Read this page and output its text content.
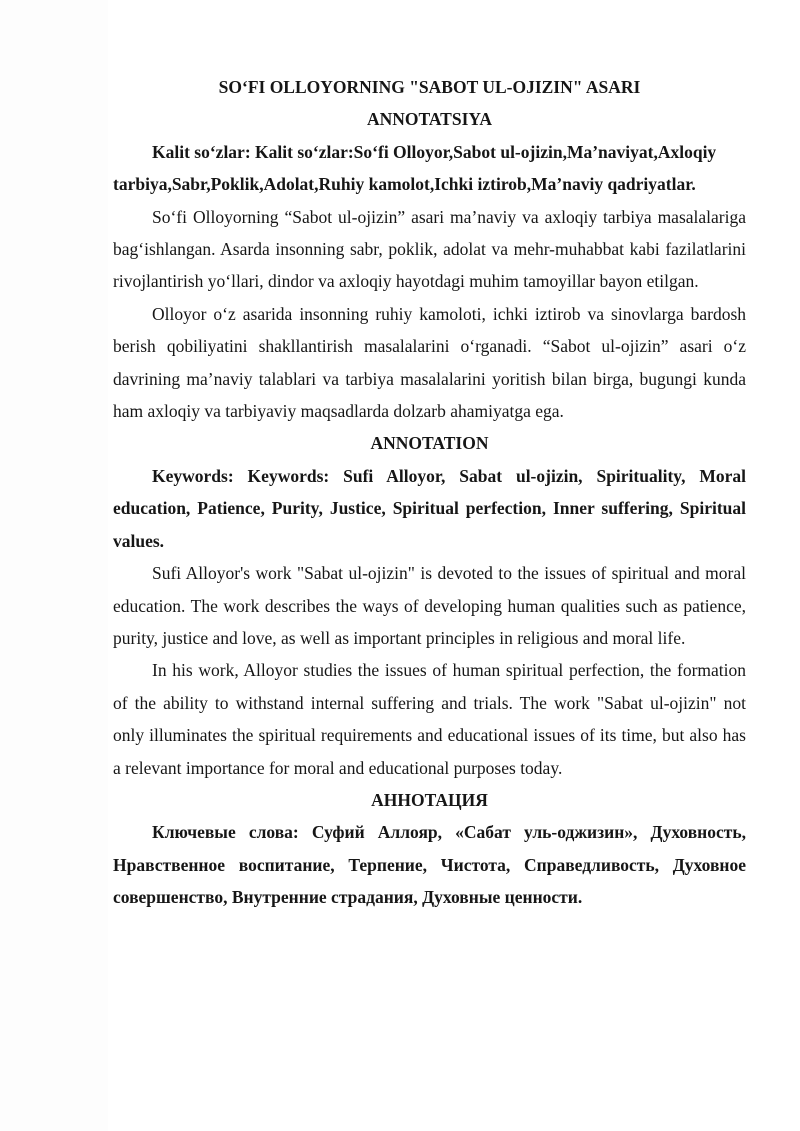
SO‘FI OLLOYORNING "SABOT UL-OJIZIN" ASARI
ANNOTATSIYA

Kalit so‘zlar: Kalit so‘zlar:So‘fi Olloyor,Sabot ul-ojizin,Ma’naviyat,Axloqiy tarbiya,Sabr,Poklik,Adolat,Ruhiy kamolot,Ichki iztirob,Ma’naviy qadriyatlar.

So‘fi Olloyorning “Sabot ul-ojizin” asari ma’naviy va axloqiy tarbiya masalalariga bag‘ishlangan. Asarda insonning sabr, poklik, adolat va mehr-muhabbat kabi fazilatlarini rivojlantirish yo‘llari, dindor va axloqiy hayotdagi muhim tamoyillar bayon etilgan.

Olloyor o‘z asarida insonning ruhiy kamoloti, ichki iztirob va sinovlarga bardosh berish qobiliyatini shakllantirish masalalarini o‘rganadi. “Sabot ul-ojizin” asari o‘z davrining ma’naviy talablari va tarbiya masalalarini yoritish bilan birga, bugungi kunda ham axloqiy va tarbiyaviy maqsadlarda dolzarb ahamiyatga ega.

ANNOTATION

Keywords: Keywords: Sufi Alloyor, Sabat ul-ojizin, Spirituality, Moral education, Patience, Purity, Justice, Spiritual perfection, Inner suffering, Spiritual values.

Sufi Alloyor's work "Sabat ul-ojizin" is devoted to the issues of spiritual and moral education. The work describes the ways of developing human qualities such as patience, purity, justice and love, as well as important principles in religious and moral life.

In his work, Alloyor studies the issues of human spiritual perfection, the formation of the ability to withstand internal suffering and trials. The work "Sabat ul-ojizin" not only illuminates the spiritual requirements and educational issues of its time, but also has a relevant importance for moral and educational purposes today.

АННОТАЦИЯ

Ключевые слова: Суфий Аллояр, «Сабат уль-оджизин», Духовность, Нравственное воспитание, Терпение, Чистота, Справедливость, Духовное совершенство, Внутренние страдания, Духовные ценности.
